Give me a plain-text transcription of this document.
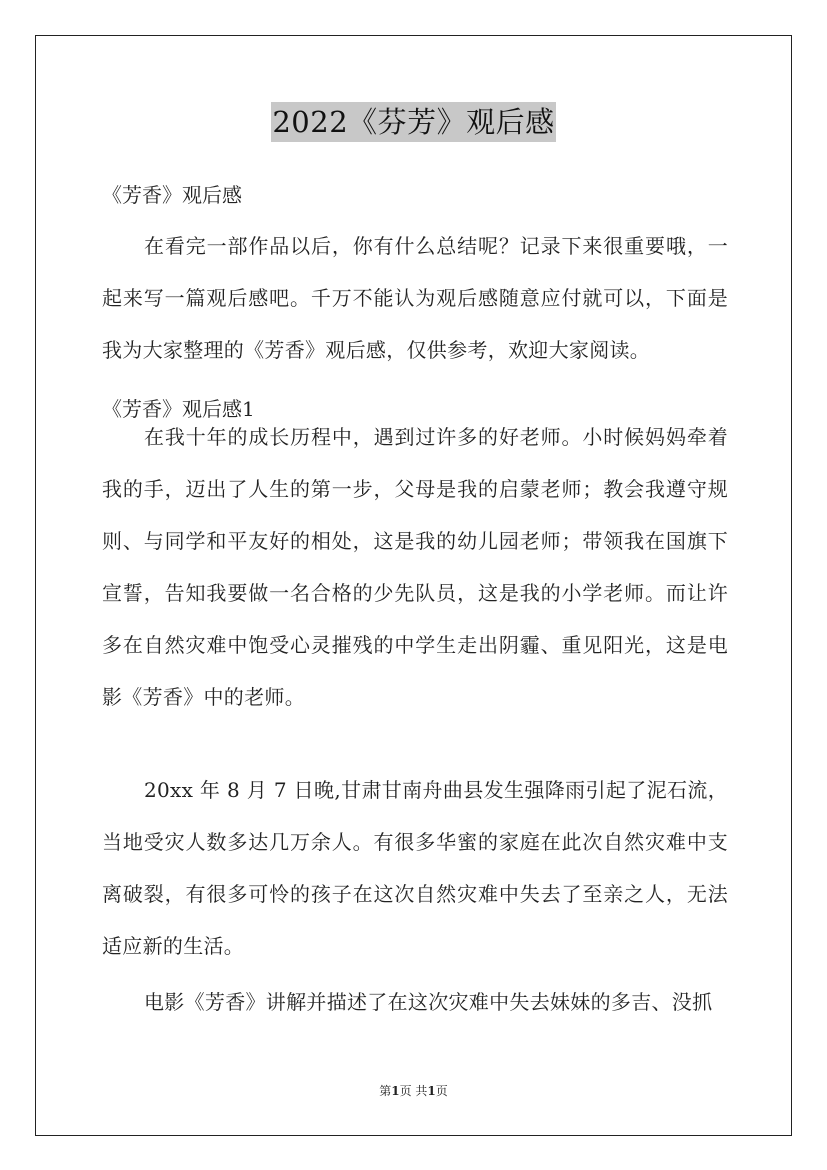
2022《芬芳》观后感
《芳香》观后感

在看完一部作品以后，你有什么总结呢？记录下来很重要哦，一起来写一篇观后感吧。千万不能认为观后感随意应付就可以，下面是我为大家整理的《芳香》观后感，仅供参考，欢迎大家阅读。

《芳香》观后感1

在我十年的成长历程中，遇到过许多的好老师。小时候妈妈牵着我的手，迈出了人生的第一步，父母是我的启蒙老师；教会我遵守规则、与同学和平友好的相处，这是我的幼儿园老师；带领我在国旗下宣誓，告知我要做一名合格的少先队员，这是我的小学老师。而让许多在自然灾难中饱受心灵摧残的中学生走出阴霾、重见阳光，这是电影《芳香》中的老师。

20xx 年 8 月 7 日晚,甘肃甘南舟曲县发生强降雨引起了泥石流，当地受灾人数多达几万余人。有很多华蜜的家庭在此次自然灾难中支离破裂，有很多可怜的孩子在这次自然灾难中失去了至亲之人，无法适应新的生活。

电影《芳香》讲解并描述了在这次灾难中失去妹妹的多吉、没抓

第1页 共1页
